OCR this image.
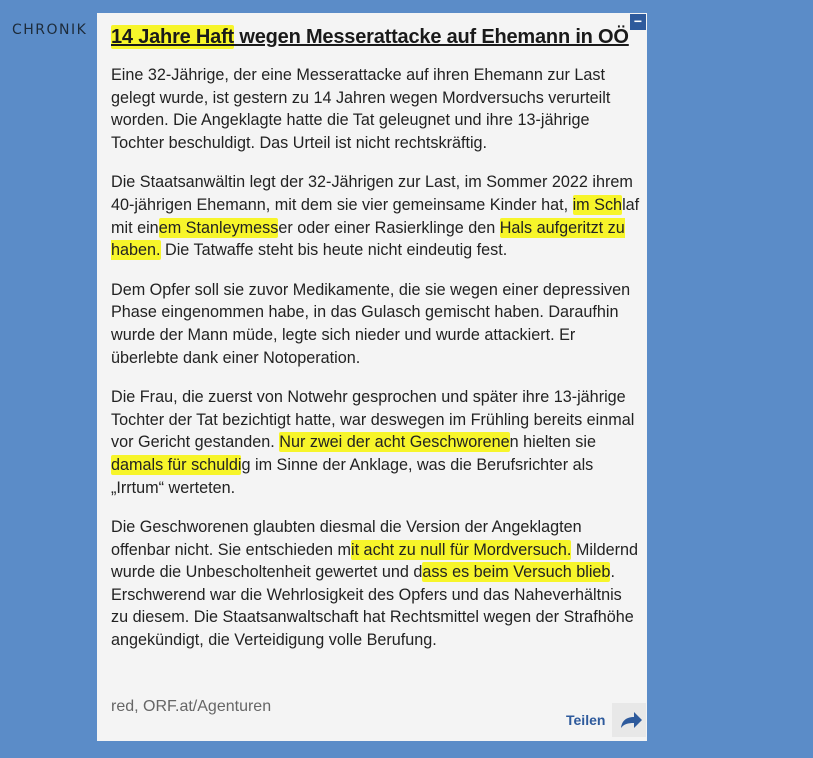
CHRONIK
−
14 Jahre Haft wegen Messerattacke auf Ehemann in OÖ

Eine 32-Jährige, der eine Messerattacke auf ihren Ehemann zur Last gelegt wurde, ist gestern zu 14 Jahren wegen Mordversuchs verurteilt worden. Die Angeklagte hatte die Tat geleugnet und ihre 13-jährige Tochter beschuldigt. Das Urteil ist nicht rechtskräftig.

Die Staatsanwältin legt der 32-Jährigen zur Last, im Sommer 2022 ihrem 40-jährigen Ehemann, mit dem sie vier gemeinsame Kinder hat, im Schlaf mit einem Stanleymesser oder einer Rasierklinge den Hals aufgeritzt zu haben. Die Tatwaffe steht bis heute nicht eindeutig fest.

Dem Opfer soll sie zuvor Medikamente, die sie wegen einer depressiven Phase eingenommen habe, in das Gulasch gemischt haben. Daraufhin wurde der Mann müde, legte sich nieder und wurde attackiert. Er überlebte dank einer Notoperation.

Die Frau, die zuerst von Notwehr gesprochen und später ihre 13-jährige Tochter der Tat bezichtigt hatte, war deswegen im Frühling bereits einmal vor Gericht gestanden. Nur zwei der acht Geschworenen hielten sie damals für schuldig im Sinne der Anklage, was die Berufsrichter als „Irrtum“ werteten.

Die Geschworenen glaubten diesmal die Version der Angeklagten offenbar nicht. Sie entschieden mit acht zu null für Mordversuch. Mildernd wurde die Unbescholtenheit gewertet und dass es beim Versuch blieb. Erschwerend war die Wehrlosigkeit des Opfers und das Naheverhältnis zu diesem. Die Staatsanwaltschaft hat Rechtsmittel wegen der Strafhöhe angekündigt, die Verteidigung volle Berufung.

red, ORF.at/Agenturen
Teilen
